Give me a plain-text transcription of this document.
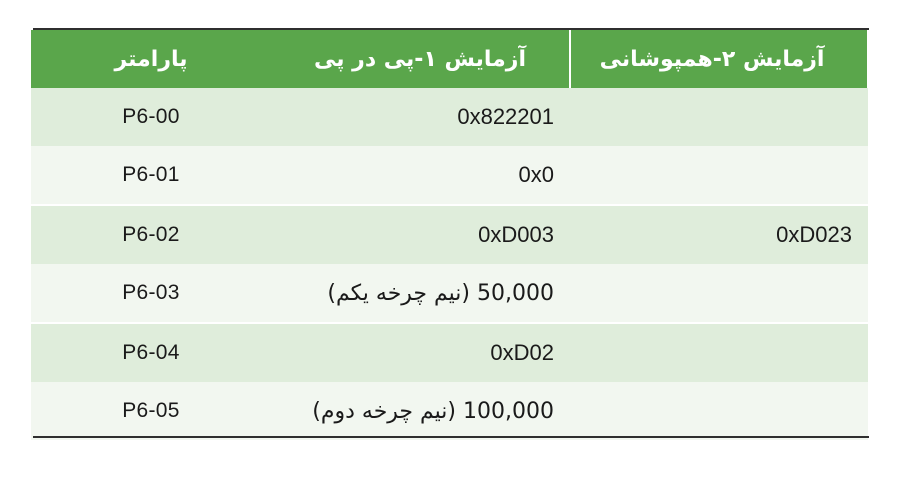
آزمایش ۲-همپوشانی	آزمایش ۱-پی در پی	پارامتر
	0x822201	P6-00
	0x0	P6-01
0xD023	0xD003	P6-02
	50,000 (نیم چرخه یکم)	P6-03
	0xD02	P6-04
	100,000 (نیم چرخه دوم)	P6-05
